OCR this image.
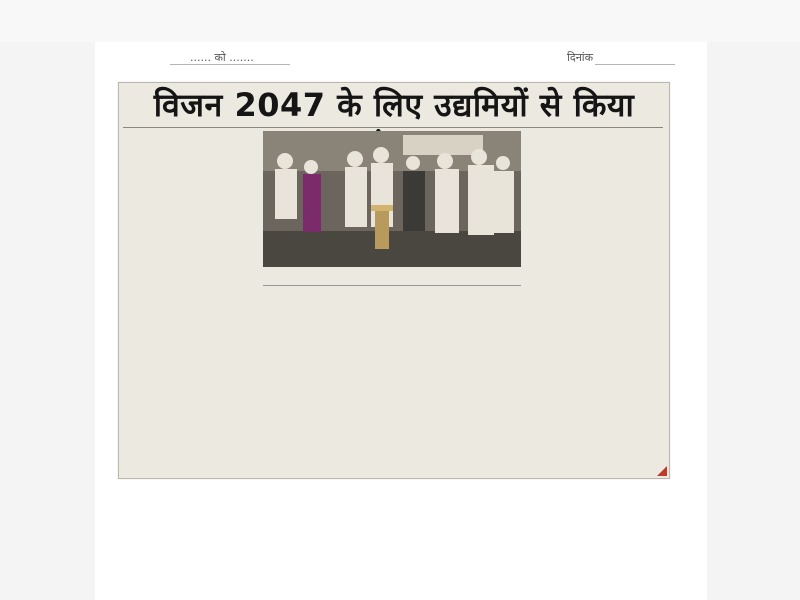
...... को .......	दिनांक
विजन 2047 के लिए उद्यमियों से किया
